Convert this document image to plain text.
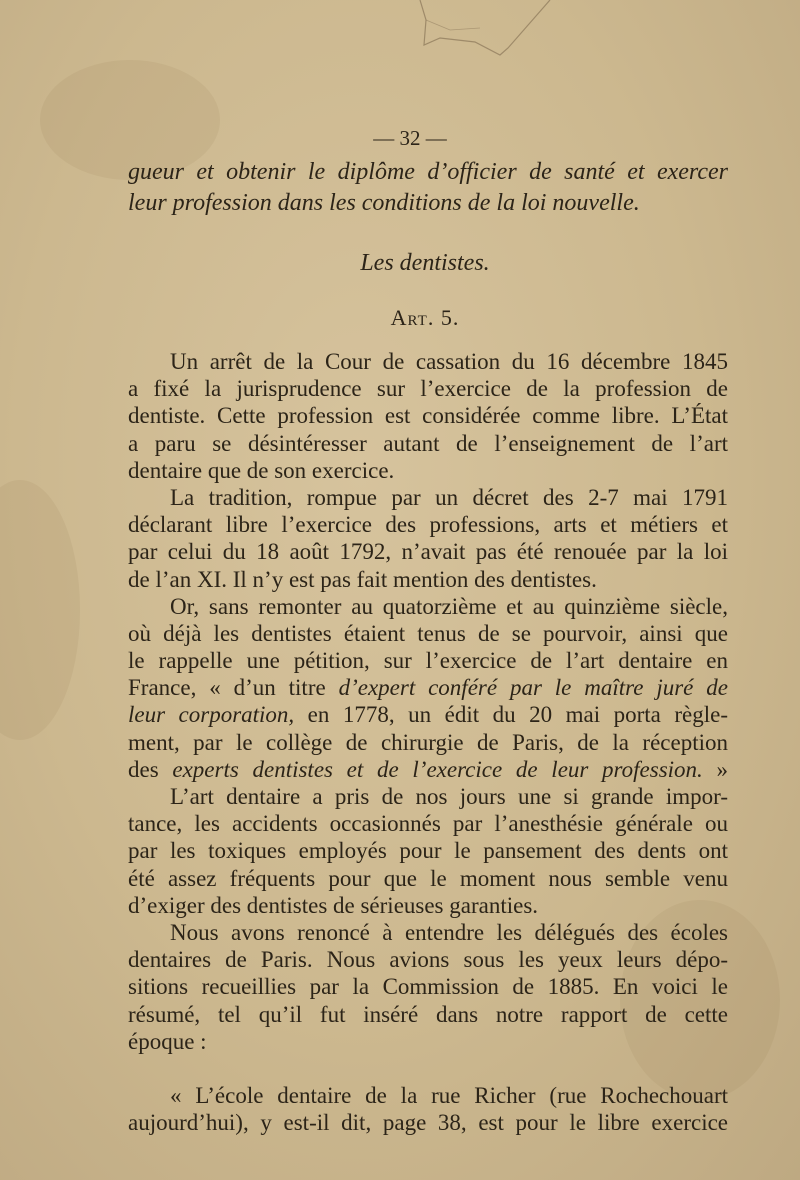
— 32 —
gueur et obtenir le diplôme d’officier de santé et exercer
leur profession dans les conditions de la loi nouvelle.
Les dentistes.
Art. 5.
Un arrêt de la Cour de cassation du 16 décembre 1845
a fixé la jurisprudence sur l’exercice de la profession de
dentiste. Cette profession est considérée comme libre. L’État
a paru se désintéresser autant de l’enseignement de l’art
dentaire que de son exercice.
La tradition, rompue par un décret des 2-7 mai 1791
déclarant libre l’exercice des professions, arts et métiers et
par celui du 18 août 1792, n’avait pas été renouée par la loi
de l’an XI. Il n’y est pas fait mention des dentistes.
Or, sans remonter au quatorzième et au quinzième siècle,
où déjà les dentistes étaient tenus de se pourvoir, ainsi que
le rappelle une pétition, sur l’exercice de l’art dentaire en
France, « d’un titre d’expert conféré par le maître juré de
leur corporation, en 1778, un édit du 20 mai porta règle-
ment, par le collège de chirurgie de Paris, de la réception
des experts dentistes et de l’exercice de leur profession. »
L’art dentaire a pris de nos jours une si grande impor-
tance, les accidents occasionnés par l’anesthésie générale ou
par les toxiques employés pour le pansement des dents ont
été assez fréquents pour que le moment nous semble venu
d’exiger des dentistes de sérieuses garanties.
Nous avons renoncé à entendre les délégués des écoles
dentaires de Paris. Nous avions sous les yeux leurs dépo-
sitions recueillies par la Commission de 1885. En voici le
résumé, tel qu’il fut inséré dans notre rapport de cette
époque :
« L’école dentaire de la rue Richer (rue Rochechouart
aujourd’hui), y est-il dit, page 38, est pour le libre exercice
